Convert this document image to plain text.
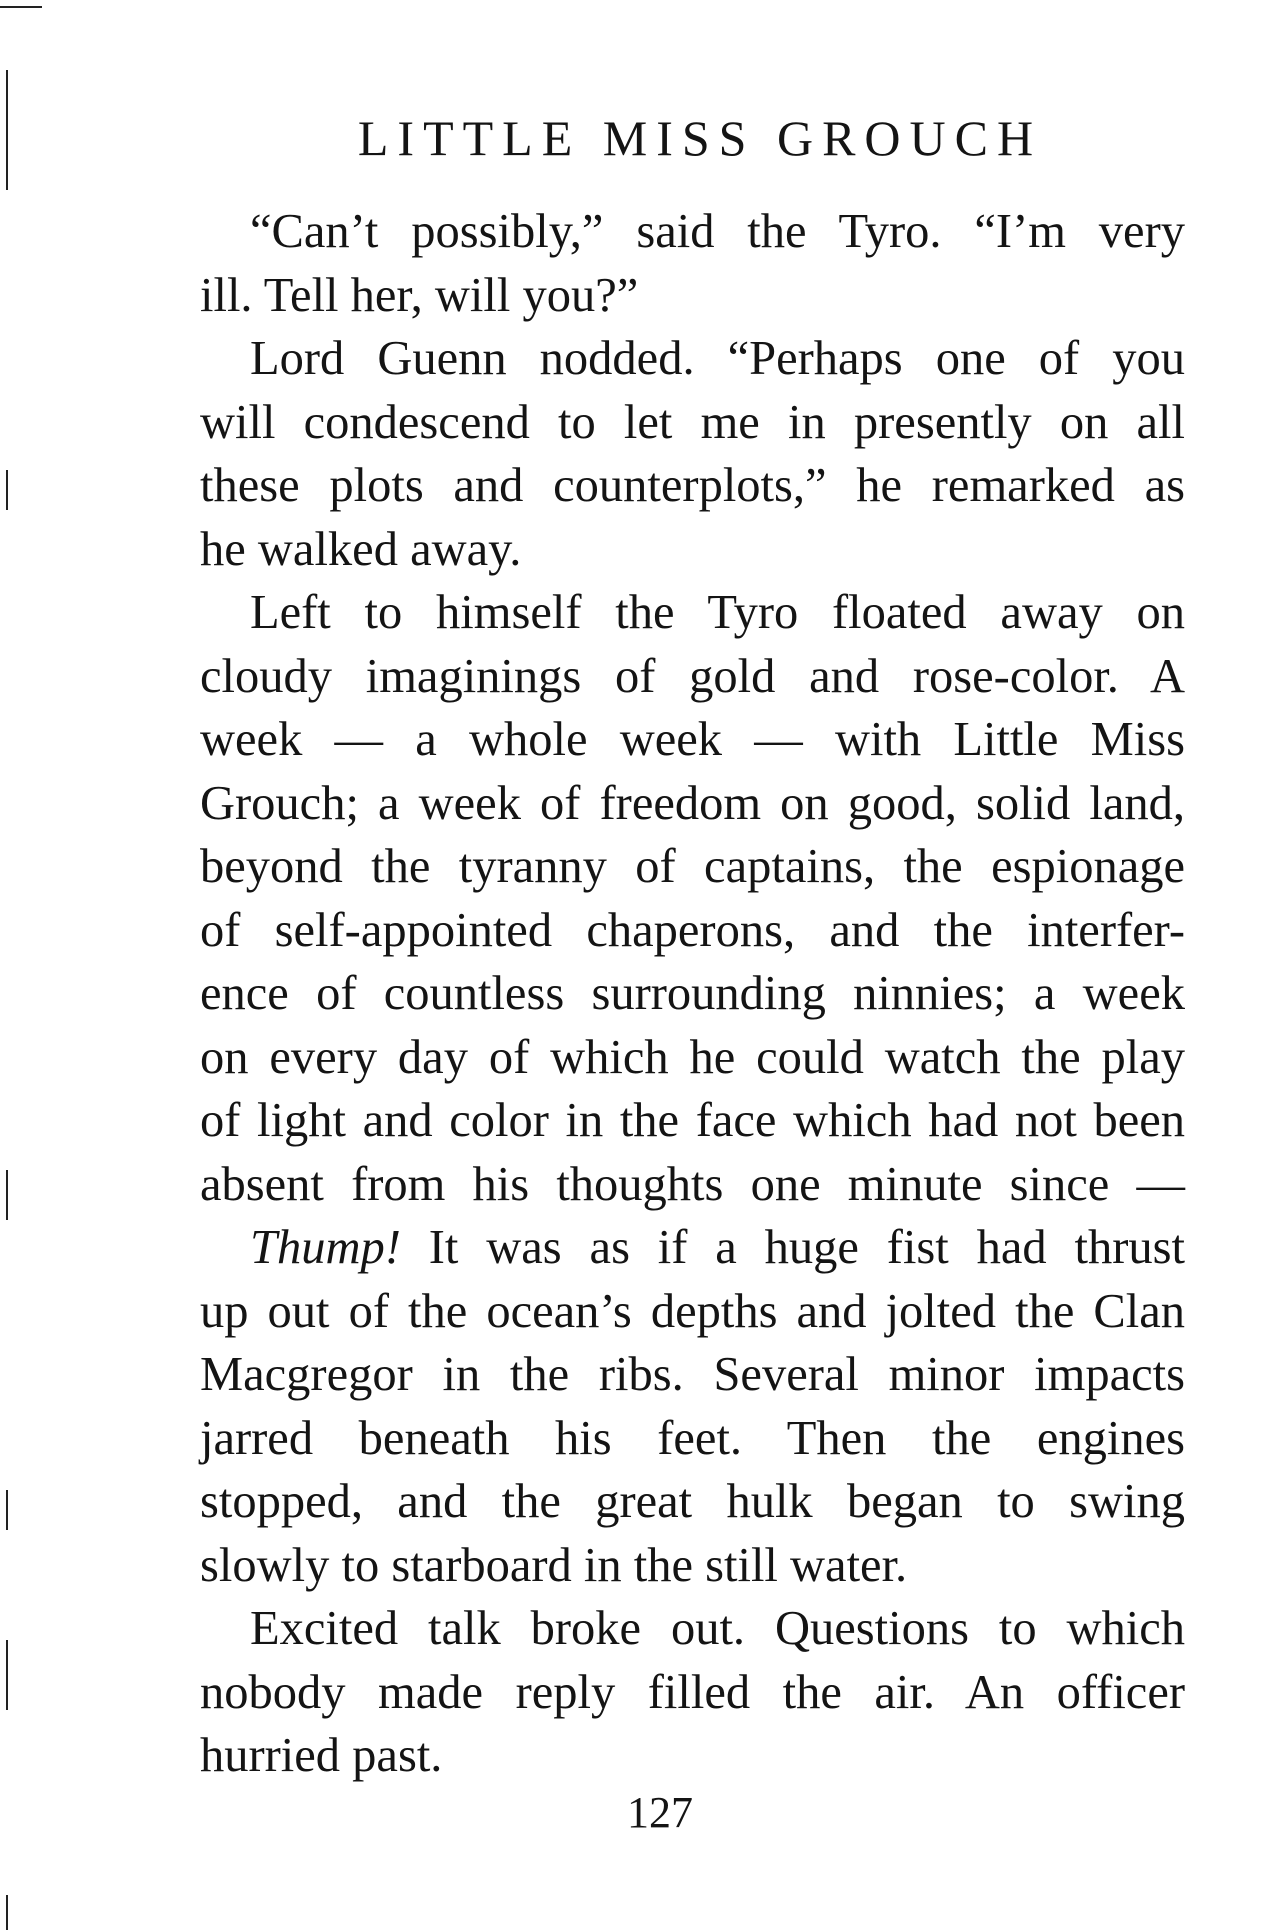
LITTLE MISS GROUCH
“Can’t possibly,” said the Tyro. “I’m very
ill. Tell her, will you?”
Lord Guenn nodded. “Perhaps one of you
will condescend to let me in presently on all
these plots and counterplots,” he remarked as
he walked away.
Left to himself the Tyro floated away on
cloudy imaginings of gold and rose-color. A
week — a whole week — with Little Miss
Grouch; a week of freedom on good, solid land,
beyond the tyranny of captains, the espionage
of self-appointed chaperons, and the interfer-
ence of countless surrounding ninnies; a week
on every day of which he could watch the play
of light and color in the face which had not been
absent from his thoughts one minute since —
Thump! It was as if a huge fist had thrust
up out of the ocean’s depths and jolted the Clan
Macgregor in the ribs. Several minor impacts
jarred beneath his feet. Then the engines
stopped, and the great hulk began to swing
slowly to starboard in the still water.
Excited talk broke out. Questions to which
nobody made reply filled the air. An officer
hurried past.
127
